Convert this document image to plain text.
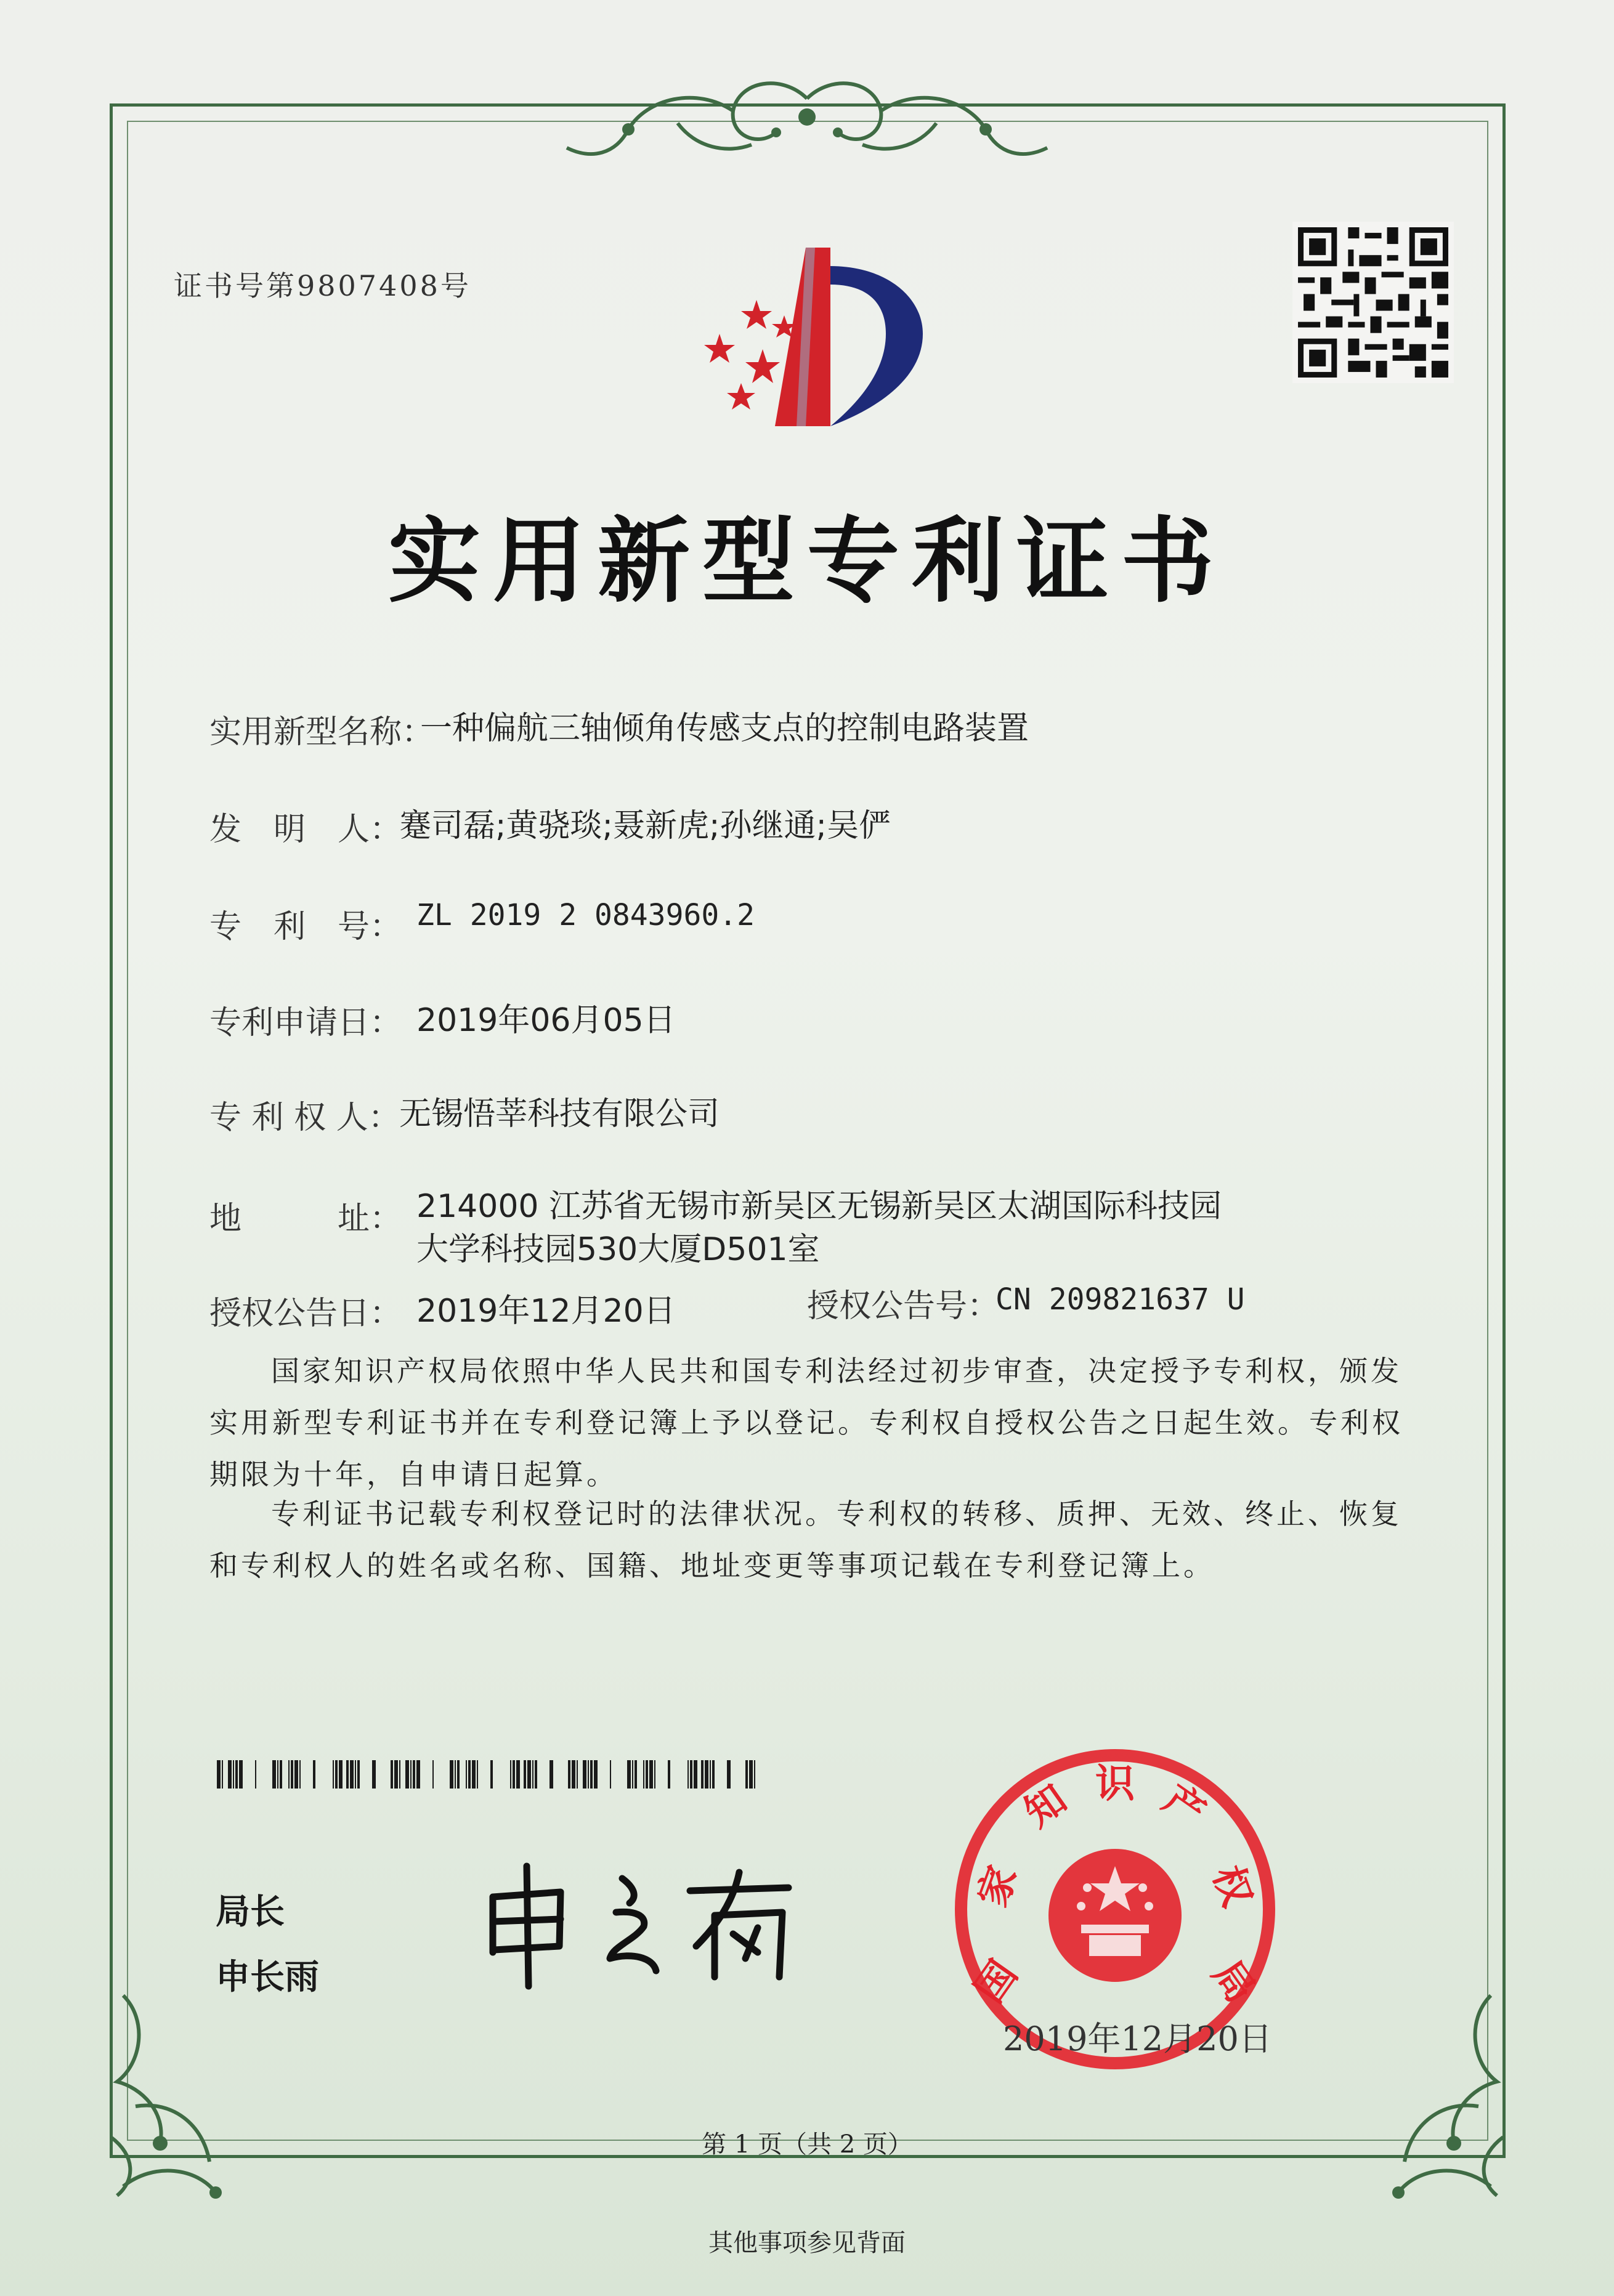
证书号第9807408号
实用新型专利证书
实用新型名称：
一种偏航三轴倾角传感支点的控制电路装置
发　明　人：
蹇司磊;黄骁琰;聂新虎;孙继通;吴俨
专　利　号： ZL 2019 2 0843960.2
专利申请日： 2019年06月05日
专 利 权 人：
无锡悟莘科技有限公司
地　　　址： 214000 江苏省无锡市新吴区无锡新吴区太湖国际科技园
大学科技园530大厦D501室
授权公告日： 2019年12月20日	授权公告号：
CN 209821637 U
国家知识产权局依照中华人民共和国专利法经过初步审查，决定授予专利权，颁发实用新型专利证书并在专利登记簿上予以登记。专利权自授权公告之日起生效。专利权期限为十年，自申请日起算。
专利证书记载专利权登记时的法律状况。专利权的转移、质押、无效、终止、恢复和专利权人的姓名或名称、国籍、地址变更等事项记载在专利登记簿上。
局长
申长雨	国
家
知 识 产
权
局
2019年12月20日
第 1 页（共 2 页）
其他事项参见背面
